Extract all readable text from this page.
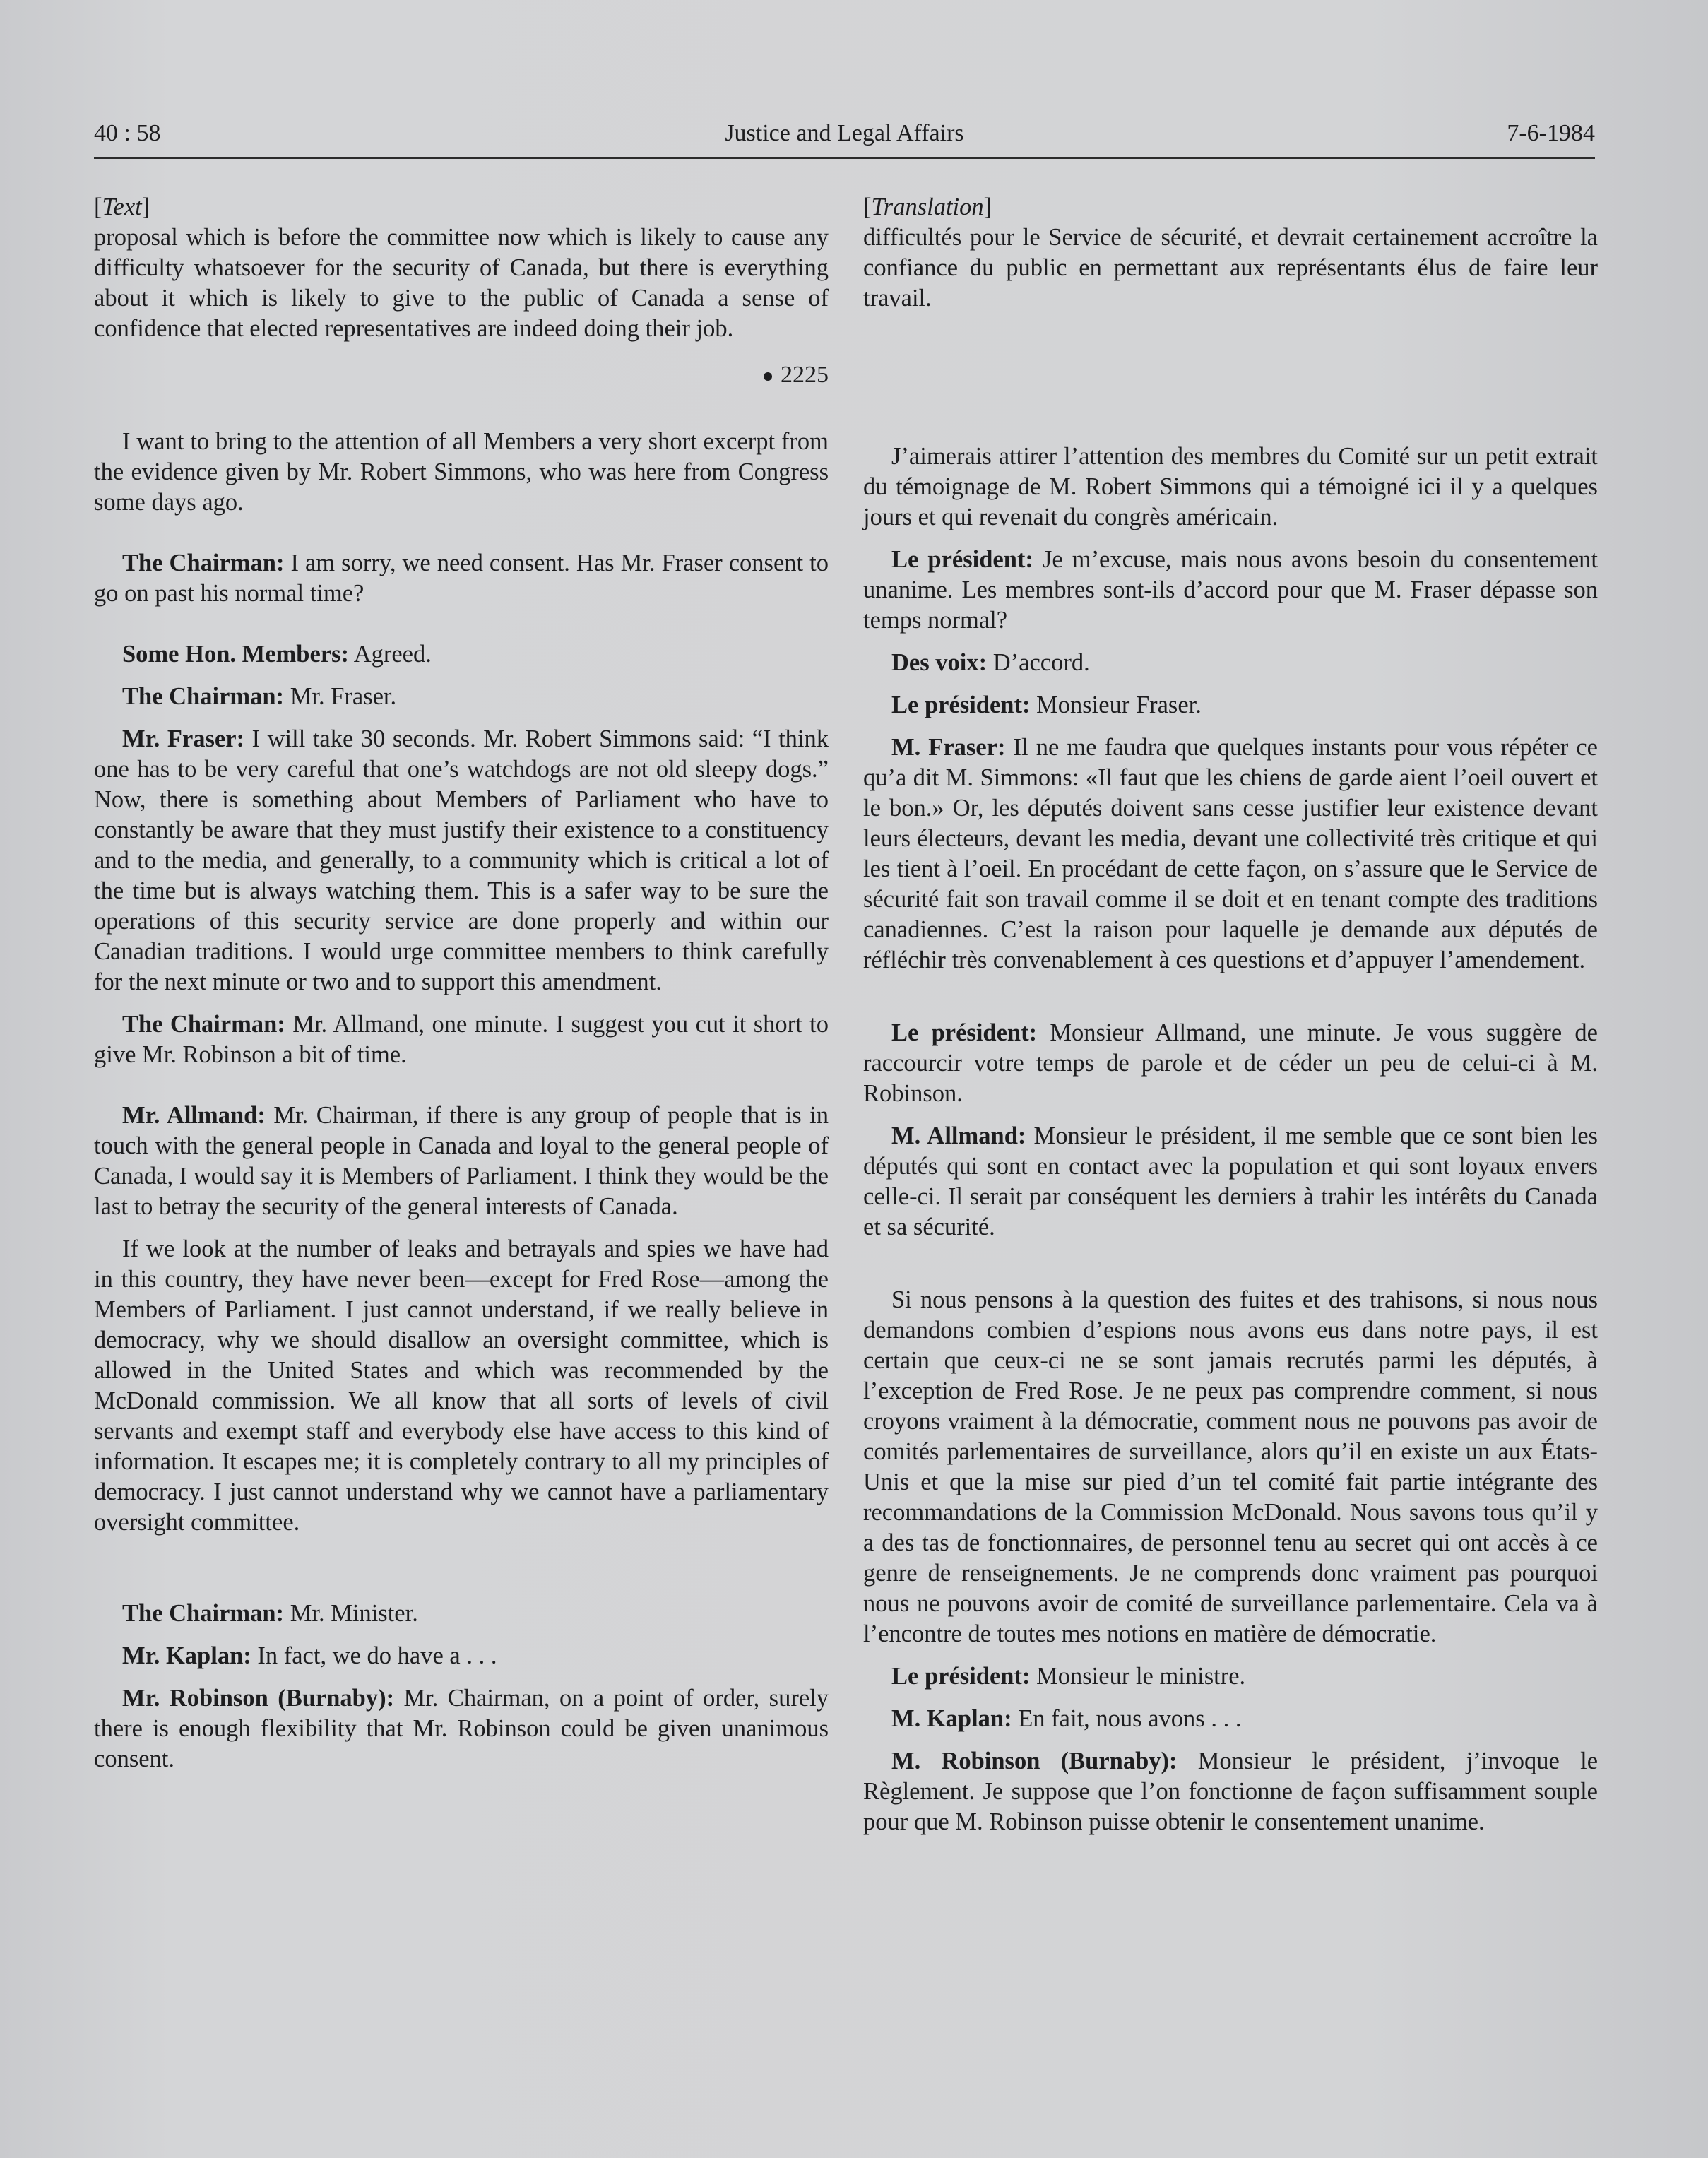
40 : 58	Justice and Legal Affairs	7-6-1984

[Text]

proposal which is before the committee now which is likely to cause any difficulty whatsoever for the security of Canada, but there is everything about it which is likely to give to the public of Canada a sense of confidence that elected representatives are indeed doing their job.

2225

I want to bring to the attention of all Members a very short excerpt from the evidence given by Mr. Robert Simmons, who was here from Congress some days ago.

The Chairman: I am sorry, we need consent. Has Mr. Fraser consent to go on past his normal time?

Some Hon. Members: Agreed.

The Chairman: Mr. Fraser.

Mr. Fraser: I will take 30 seconds. Mr. Robert Simmons said: “I think one has to be very careful that one’s watchdogs are not old sleepy dogs.” Now, there is something about Members of Parliament who have to constantly be aware that they must justify their existence to a constituency and to the media, and generally, to a community which is critical a lot of the time but is always watching them. This is a safer way to be sure the operations of this security service are done properly and within our Canadian traditions. I would urge committee members to think carefully for the next minute or two and to support this amendment.

The Chairman: Mr. Allmand, one minute. I suggest you cut it short to give Mr. Robinson a bit of time.

Mr. Allmand: Mr. Chairman, if there is any group of people that is in touch with the general people in Canada and loyal to the general people of Canada, I would say it is Members of Parliament. I think they would be the last to betray the security of the general interests of Canada.

If we look at the number of leaks and betrayals and spies we have had in this country, they have never been—except for Fred Rose—among the Members of Parliament. I just cannot understand, if we really believe in democracy, why we should disallow an oversight committee, which is allowed in the United States and which was recommended by the McDonald commission. We all know that all sorts of levels of civil servants and exempt staff and everybody else have access to this kind of information. It escapes me; it is completely contrary to all my principles of democracy. I just cannot understand why we cannot have a parliamentary oversight committee.

The Chairman: Mr. Minister.

Mr. Kaplan: In fact, we do have a . . .

Mr. Robinson (Burnaby): Mr. Chairman, on a point of order, surely there is enough flexibility that Mr. Robinson could be given unanimous consent.

[Translation]

difficultés pour le Service de sécurité, et devrait certainement accroître la confiance du public en permettant aux représentants élus de faire leur travail.

J’aimerais attirer l’attention des membres du Comité sur un petit extrait du témoignage de M. Robert Simmons qui a témoigné ici il y a quelques jours et qui revenait du congrès américain.

Le président: Je m’excuse, mais nous avons besoin du consentement unanime. Les membres sont-ils d’accord pour que M. Fraser dépasse son temps normal?

Des voix: D’accord.

Le président: Monsieur Fraser.

M. Fraser: Il ne me faudra que quelques instants pour vous répéter ce qu’a dit M. Simmons: «Il faut que les chiens de garde aient l’oeil ouvert et le bon.» Or, les députés doivent sans cesse justifier leur existence devant leurs électeurs, devant les media, devant une collectivité très critique et qui les tient à l’oeil. En procédant de cette façon, on s’assure que le Service de sécurité fait son travail comme il se doit et en tenant compte des traditions canadiennes. C’est la raison pour laquelle je demande aux députés de réfléchir très convenablement à ces questions et d’appuyer l’amendement.

Le président: Monsieur Allmand, une minute. Je vous suggère de raccourcir votre temps de parole et de céder un peu de celui-ci à M. Robinson.

M. Allmand: Monsieur le président, il me semble que ce sont bien les députés qui sont en contact avec la population et qui sont loyaux envers celle-ci. Il serait par conséquent les derniers à trahir les intérêts du Canada et sa sécurité.

Si nous pensons à la question des fuites et des trahisons, si nous nous demandons combien d’espions nous avons eus dans notre pays, il est certain que ceux-ci ne se sont jamais recrutés parmi les députés, à l’exception de Fred Rose. Je ne peux pas comprendre comment, si nous croyons vraiment à la démocratie, comment nous ne pouvons pas avoir de comités parlementaires de surveillance, alors qu’il en existe un aux États-Unis et que la mise sur pied d’un tel comité fait partie intégrante des recommandations de la Commission McDonald. Nous savons tous qu’il y a des tas de fonctionnaires, de personnel tenu au secret qui ont accès à ce genre de renseignements. Je ne comprends donc vraiment pas pourquoi nous ne pouvons avoir de comité de surveillance parlementaire. Cela va à l’encontre de toutes mes notions en matière de démocratie.

Le président: Monsieur le ministre.

M. Kaplan: En fait, nous avons . . .

M. Robinson (Burnaby): Monsieur le président, j’invoque le Règlement. Je suppose que l’on fonctionne de façon suffisamment souple pour que M. Robinson puisse obtenir le consentement unanime.
